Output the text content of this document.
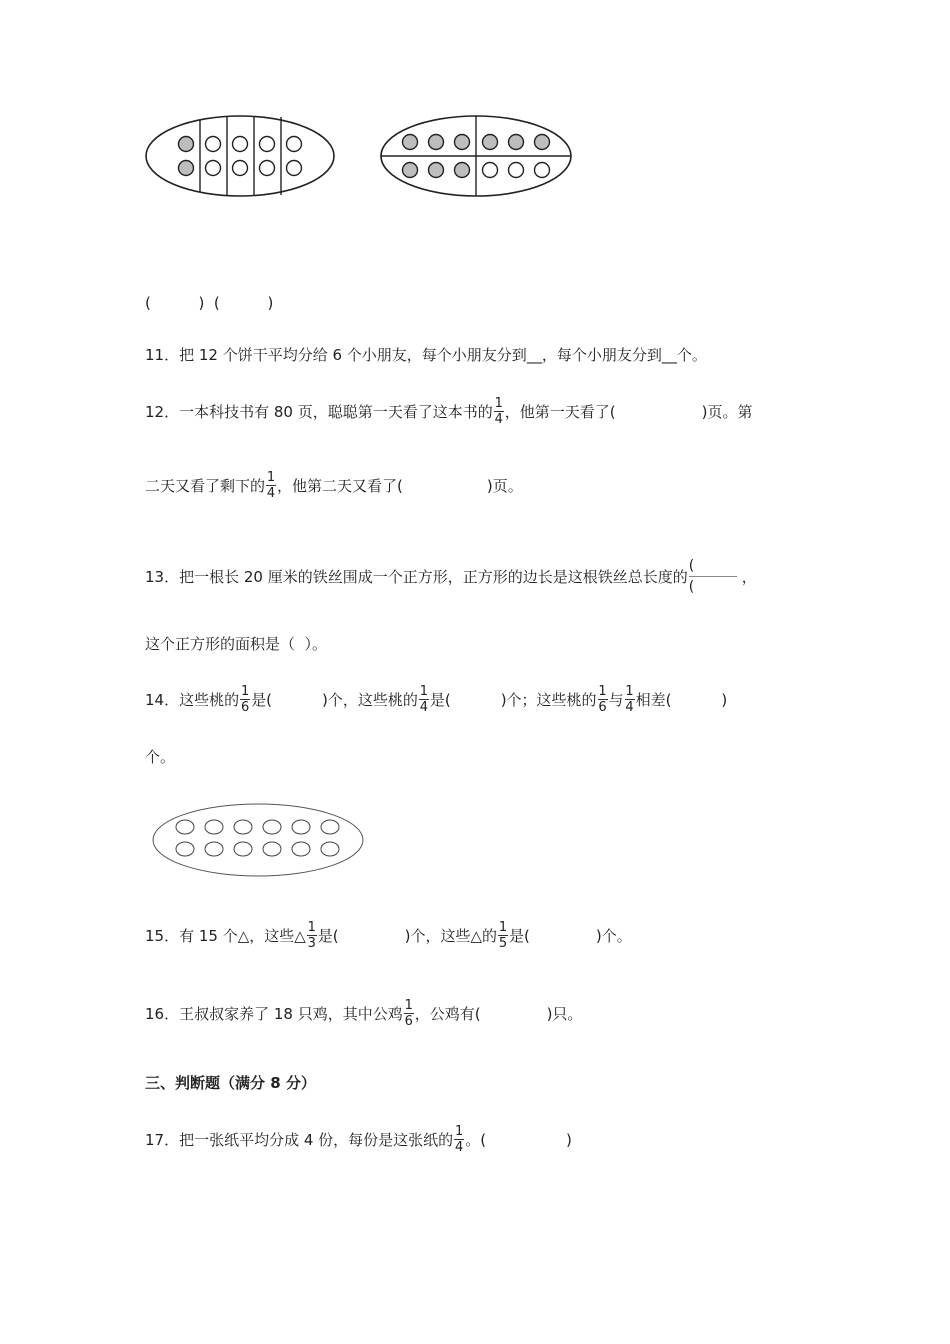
(          )  (          )
11． 把 12 个饼干平均分给 6 个小朋友，每个小朋友分到 __ ，每个小朋友分到 __ 个。
12． 一本科技书有 80 页，聪聪第一天看了这本书的 $\frac{1}{4}$ ，他第一天看了(	)页。第
二天又看了剩下的 $\frac{1}{4}$ ，他第二天又看了(	)页。
13． 把一根长 20 厘米的铁丝围成一个正方形，正方形的边长是这根铁丝总长度的 $\frac{(}{(}$ ，
这个正方形的面积是（  ）。
14． 这些桃的 $\frac{1}{6}$ 是(	)个，这些桃的 $\frac{1}{4}$ 是(	)个；这些桃的 $\frac{1}{6}$ 与 $\frac{1}{4}$ 相差(	)
个。
15． 有 15 个△，这些△ $\frac{1}{3}$ 是(	)个，这些△的 $\frac{1}{5}$ 是(	)个。
16． 王叔叔家养了 18 只鸡，其中公鸡 $\frac{1}{6}$ ，公鸡有(	)只。
三、判断题（满分 8 分）
17． 把一张纸平均分成 4 份，每份是这张纸的 $\frac{1}{4}$ 。(	)
